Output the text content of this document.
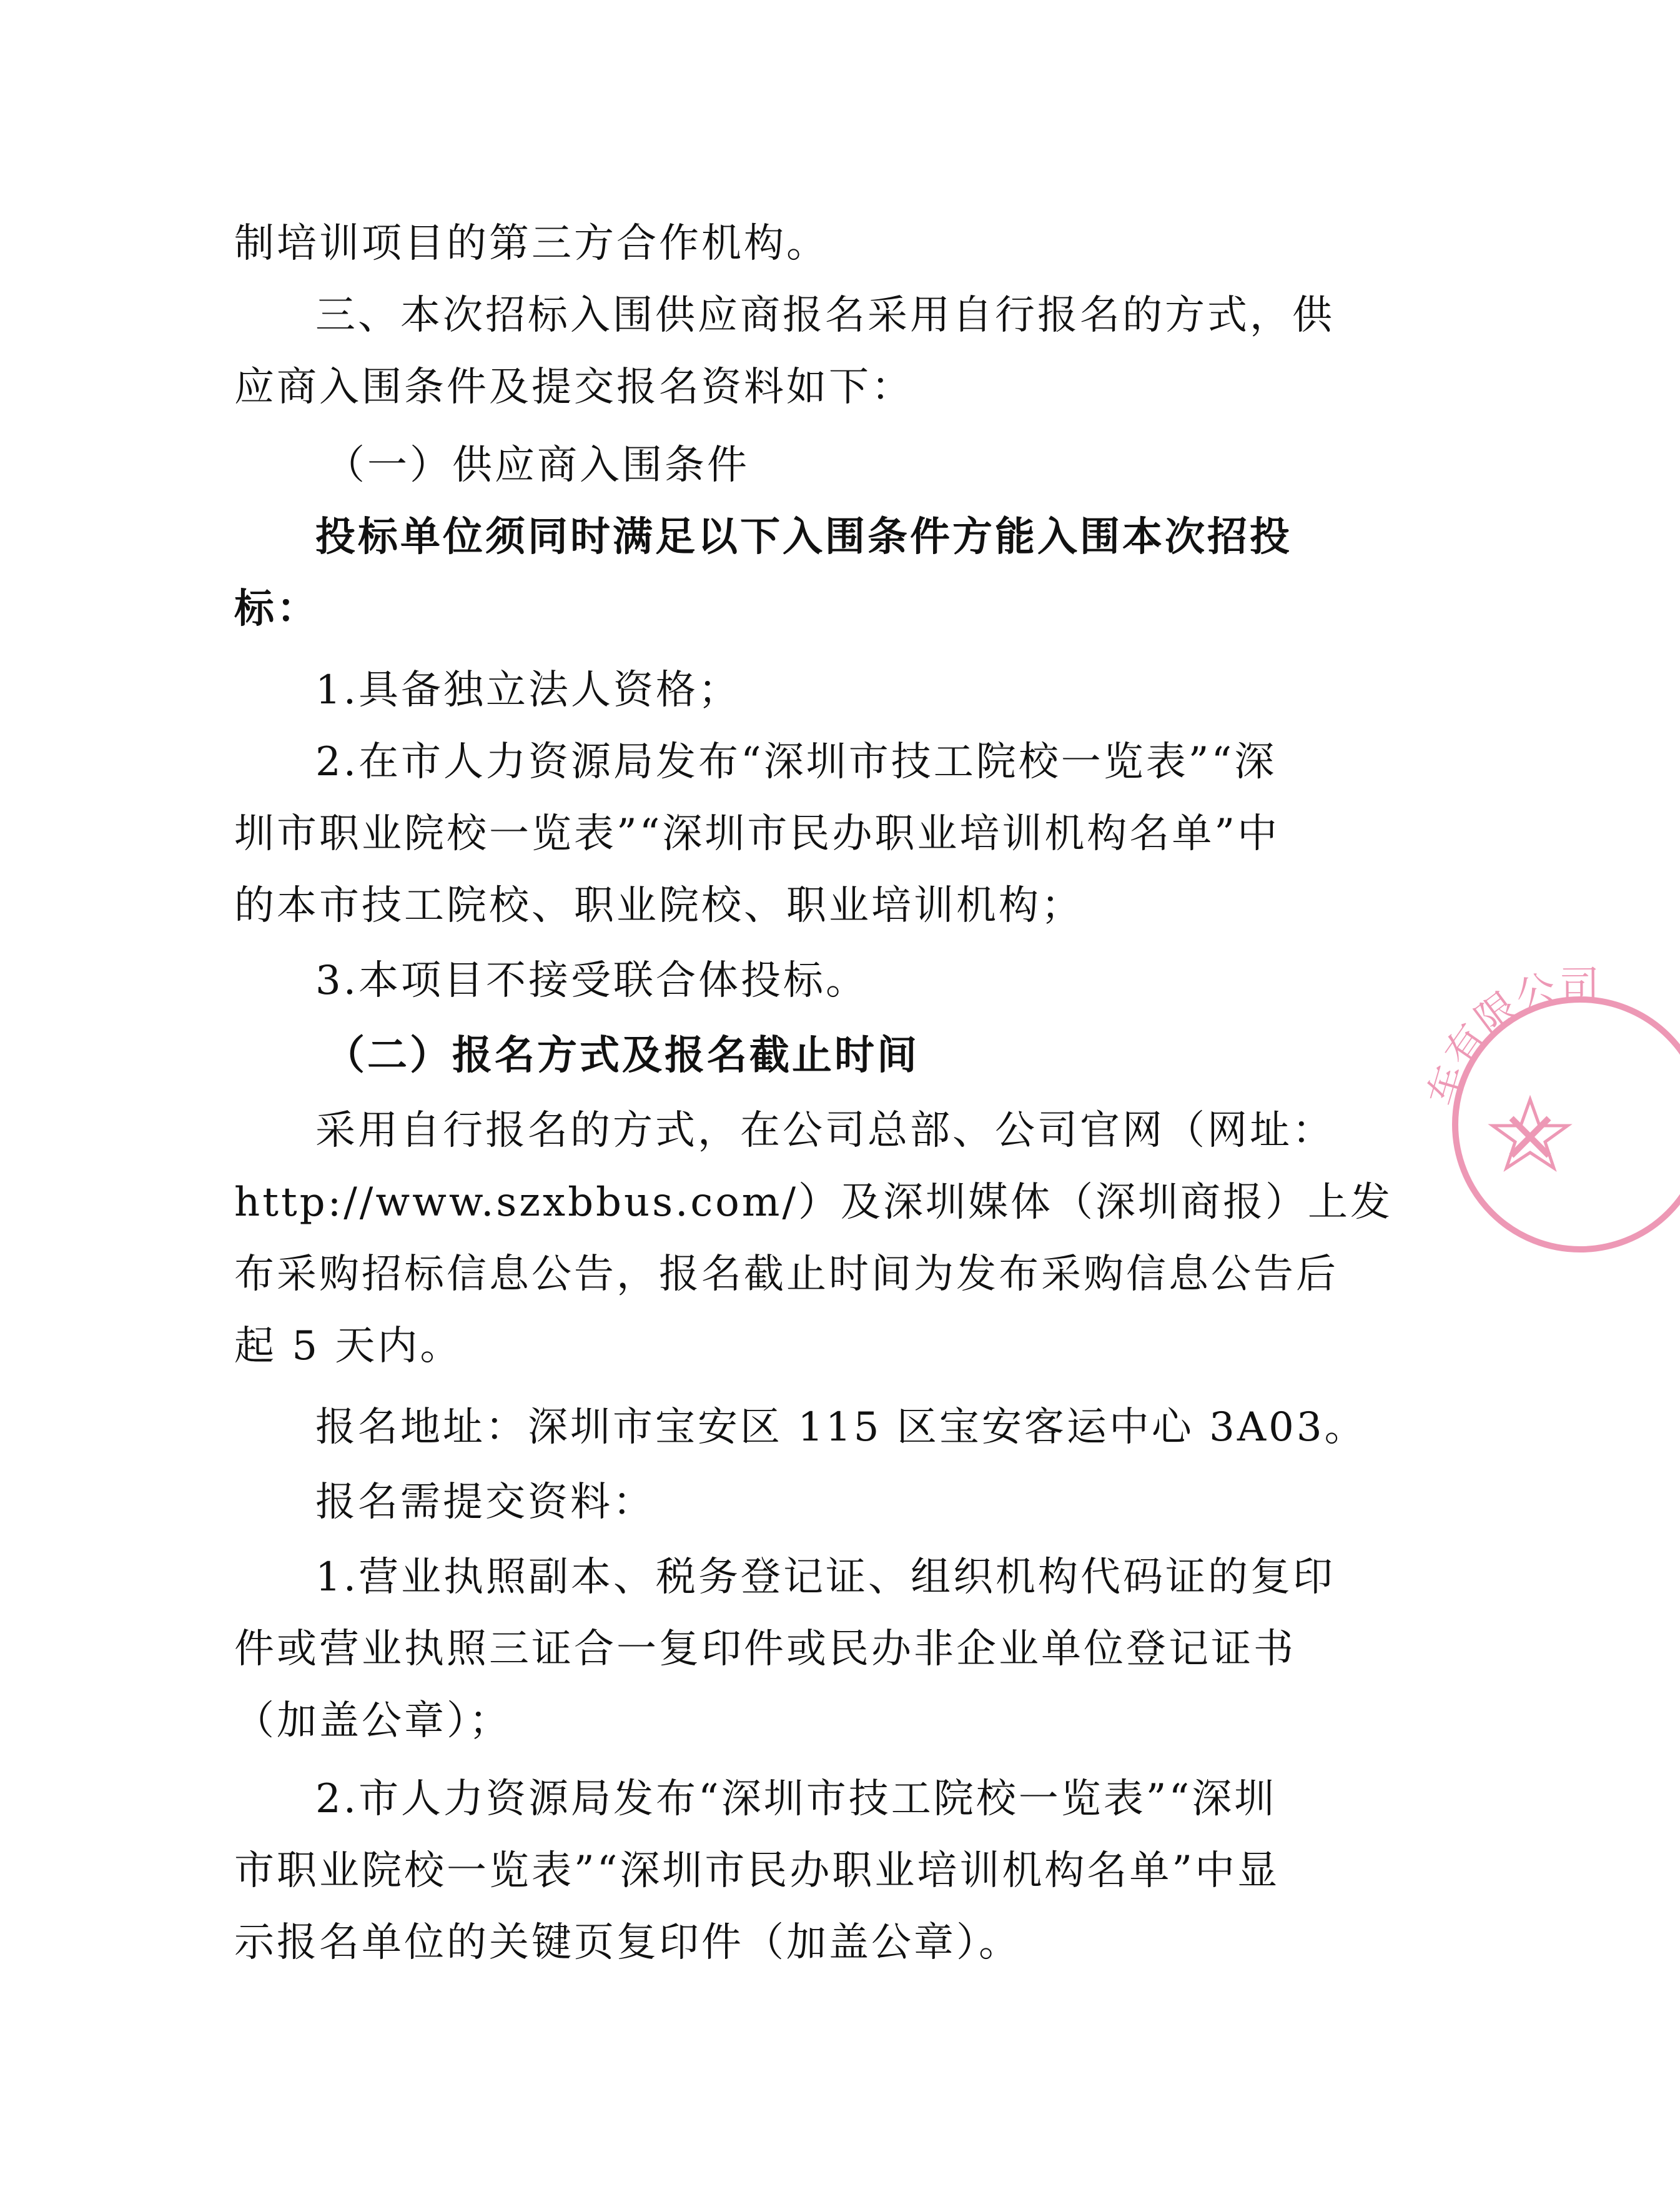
制培训项目的第三方合作机构。
三、本次招标入围供应商报名采用自行报名的方式，供
应商入围条件及提交报名资料如下：
（一）供应商入围条件
投标单位须同时满足以下入围条件方能入围本次招投
标：
1.具备独立法人资格；
2.在市人力资源局发布“深圳市技工院校一览表”“深
圳市职业院校一览表”“深圳市民办职业培训机构名单”中
的本市技工院校、职业院校、职业培训机构；
3.本项目不接受联合体投标。
（二）报名方式及报名截止时间
采用自行报名的方式，在公司总部、公司官网（网址：
http://www.szxbbus.com/）及深圳媒体（深圳商报）上发
布采购招标信息公告，报名截止时间为发布采购信息公告后
起 5 天内。
报名地址：深圳市宝安区 115 区宝安客运中心 3A03。
报名需提交资料：
1.营业执照副本、税务登记证、组织机构代码证的复印
件或营业执照三证合一复印件或民办非企业单位登记证书
（加盖公章）；
2.市人力资源局发布“深圳市技工院校一览表”“深圳
市职业院校一览表”“深圳市民办职业培训机构名单”中显
示报名单位的关键页复印件（加盖公章）。
车有限公司
